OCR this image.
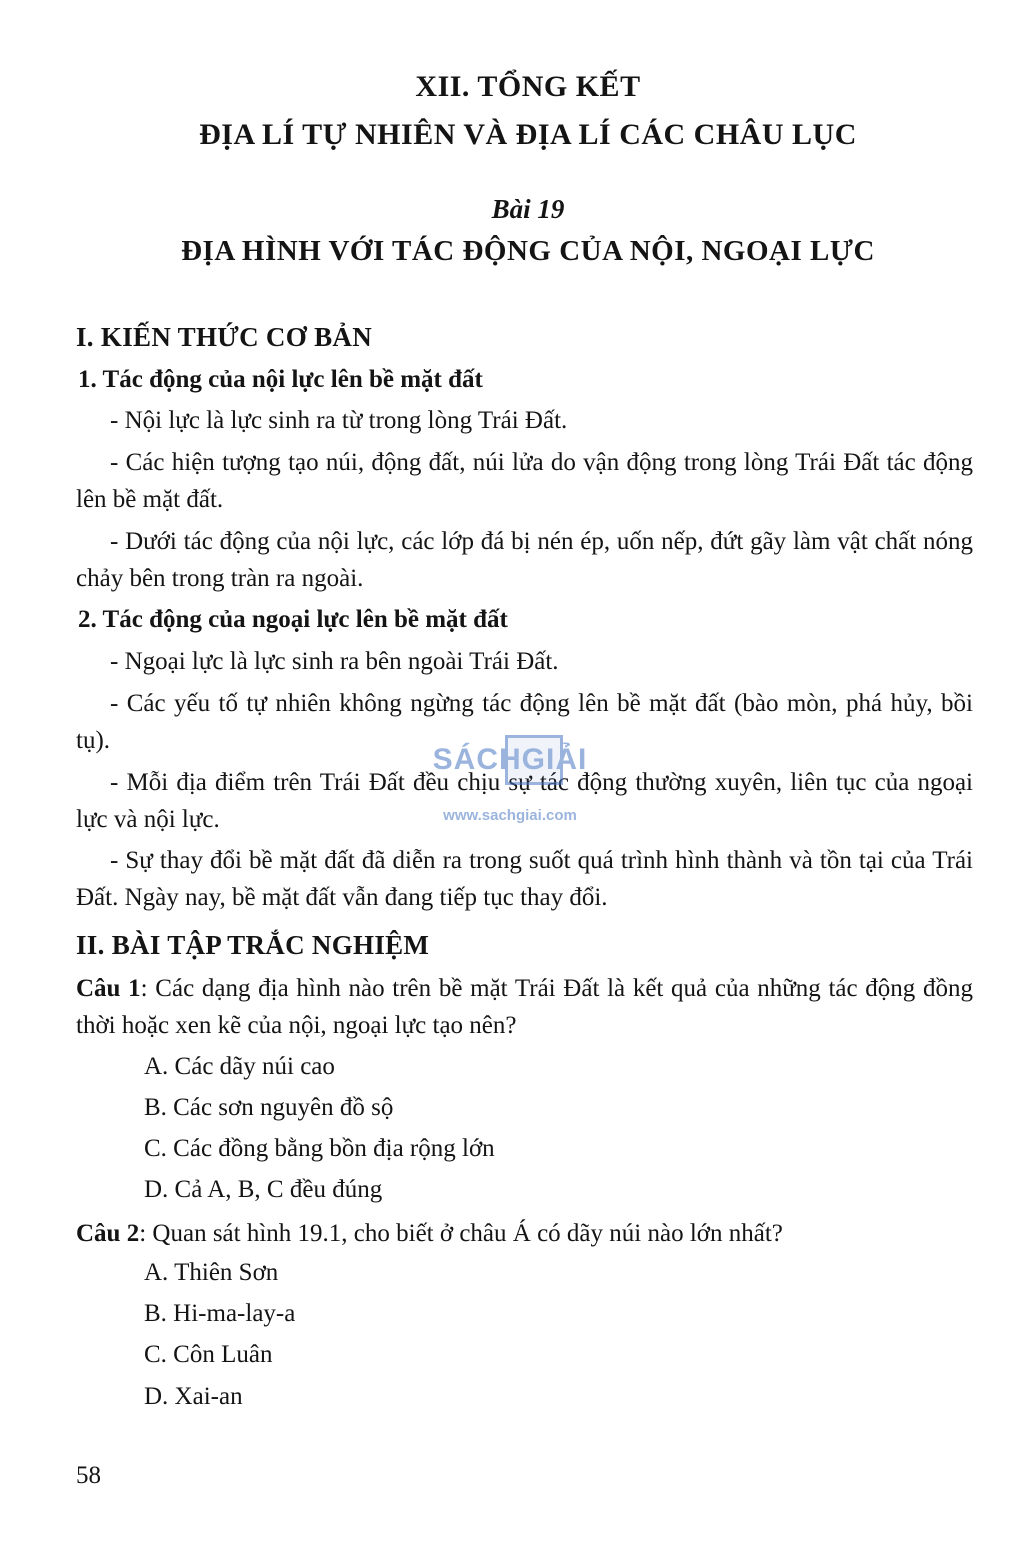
XII. TỔNG KẾT
ĐỊA LÍ TỰ NHIÊN VÀ ĐỊA LÍ CÁC CHÂU LỤC
Bài 19
ĐỊA HÌNH VỚI TÁC ĐỘNG CỦA NỘI, NGOẠI LỰC
I. KIẾN THỨC CƠ BẢN
1. Tác động của nội lực lên bề mặt đất

- Nội lực là lực sinh ra từ trong lòng Trái Đất.

- Các hiện tượng tạo núi, động đất, núi lửa do vận động trong lòng Trái Đất tác động lên bề mặt đất.

- Dưới tác động của nội lực, các lớp đá bị nén ép, uốn nếp, đứt gãy làm vật chất nóng chảy bên trong tràn ra ngoài.

2. Tác động của ngoại lực lên bề mặt đất

- Ngoại lực là lực sinh ra bên ngoài Trái Đất.

- Các yếu tố tự nhiên không ngừng tác động lên bề mặt đất (bào mòn, phá hủy, bồi tụ).

- Mỗi địa điểm trên Trái Đất đều chịu sự tác động thường xuyên, liên tục của ngoại lực và nội lực.

- Sự thay đổi bề mặt đất đã diễn ra trong suốt quá trình hình thành và tồn tại của Trái Đất. Ngày nay, bề mặt đất vẫn đang tiếp tục thay đổi.

II. BÀI TẬP TRẮC NGHIỆM

Câu 1: Các dạng địa hình nào trên bề mặt Trái Đất là kết quả của những tác động đồng thời hoặc xen kẽ của nội, ngoại lực tạo nên?

A. Các dãy núi cao
B. Các sơn nguyên đồ sộ
C. Các đồng bằng bồn địa rộng lớn
D. Cả A, B, C đều đúng

Câu 2: Quan sát hình 19.1, cho biết ở châu Á có dãy núi nào lớn nhất?

A. Thiên Sơn
B. Hi-ma-lay-a
C. Côn Luân
D. Xai-an
58
SÁCHGIẢI
www.sachgiai.com
